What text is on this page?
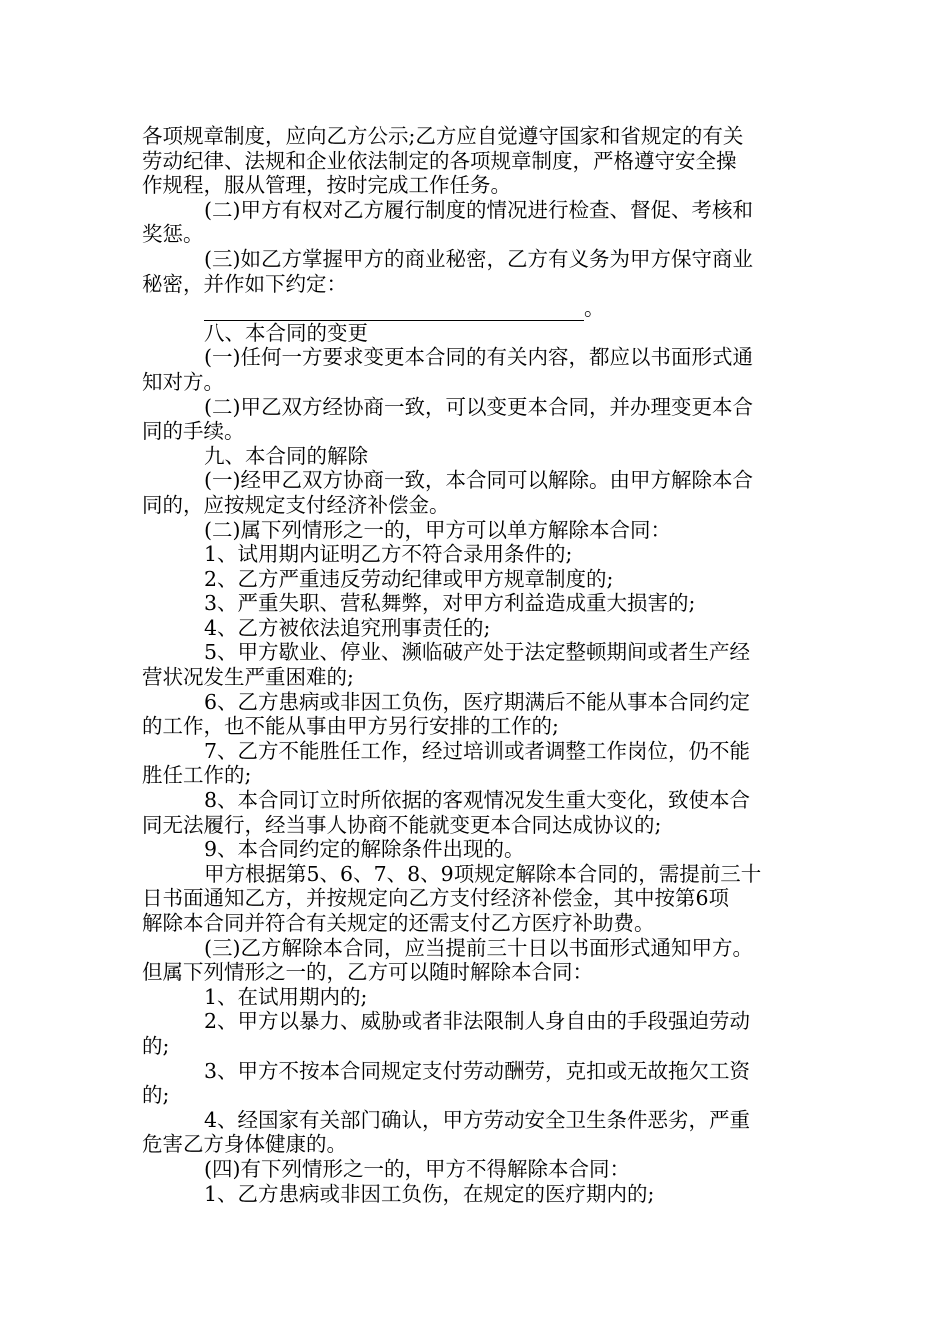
各项规章制度，应向乙方公示;乙方应自觉遵守国家和省规定的有关
劳动纪律、法规和企业依法制定的各项规章制度，严格遵守安全操
作规程，服从管理，按时完成工作任务。
(二)甲方有权对乙方履行制度的情况进行检查、督促、考核和
奖惩。
(三)如乙方掌握甲方的商业秘密，乙方有义务为甲方保守商业
秘密，并作如下约定：
。
八、本合同的变更
(一)任何一方要求变更本合同的有关内容，都应以书面形式通
知对方。
(二)甲乙双方经协商一致，可以变更本合同，并办理变更本合
同的手续。
九、本合同的解除
(一)经甲乙双方协商一致，本合同可以解除。由甲方解除本合
同的，应按规定支付经济补偿金。
(二)属下列情形之一的，甲方可以单方解除本合同：
1、试用期内证明乙方不符合录用条件的;
2、乙方严重违反劳动纪律或甲方规章制度的;
3、严重失职、营私舞弊，对甲方利益造成重大损害的;
4、乙方被依法追究刑事责任的;
5、甲方歇业、停业、濒临破产处于法定整顿期间或者生产经
营状况发生严重困难的;
6、乙方患病或非因工负伤，医疗期满后不能从事本合同约定
的工作，也不能从事由甲方另行安排的工作的;
7、乙方不能胜任工作，经过培训或者调整工作岗位，仍不能
胜任工作的;
8、本合同订立时所依据的客观情况发生重大变化，致使本合
同无法履行，经当事人协商不能就变更本合同达成协议的;
9、本合同约定的解除条件出现的。
甲方根据第5、6、7、8、9项规定解除本合同的，需提前三十
日书面通知乙方，并按规定向乙方支付经济补偿金，其中按第6项
解除本合同并符合有关规定的还需支付乙方医疗补助费。
(三)乙方解除本合同，应当提前三十日以书面形式通知甲方。
但属下列情形之一的，乙方可以随时解除本合同：
1、在试用期内的;
2、甲方以暴力、威胁或者非法限制人身自由的手段强迫劳动
的;
3、甲方不按本合同规定支付劳动酬劳，克扣或无故拖欠工资
的;
4、经国家有关部门确认，甲方劳动安全卫生条件恶劣，严重
危害乙方身体健康的。
(四)有下列情形之一的，甲方不得解除本合同：
1、乙方患病或非因工负伤，在规定的医疗期内的;
